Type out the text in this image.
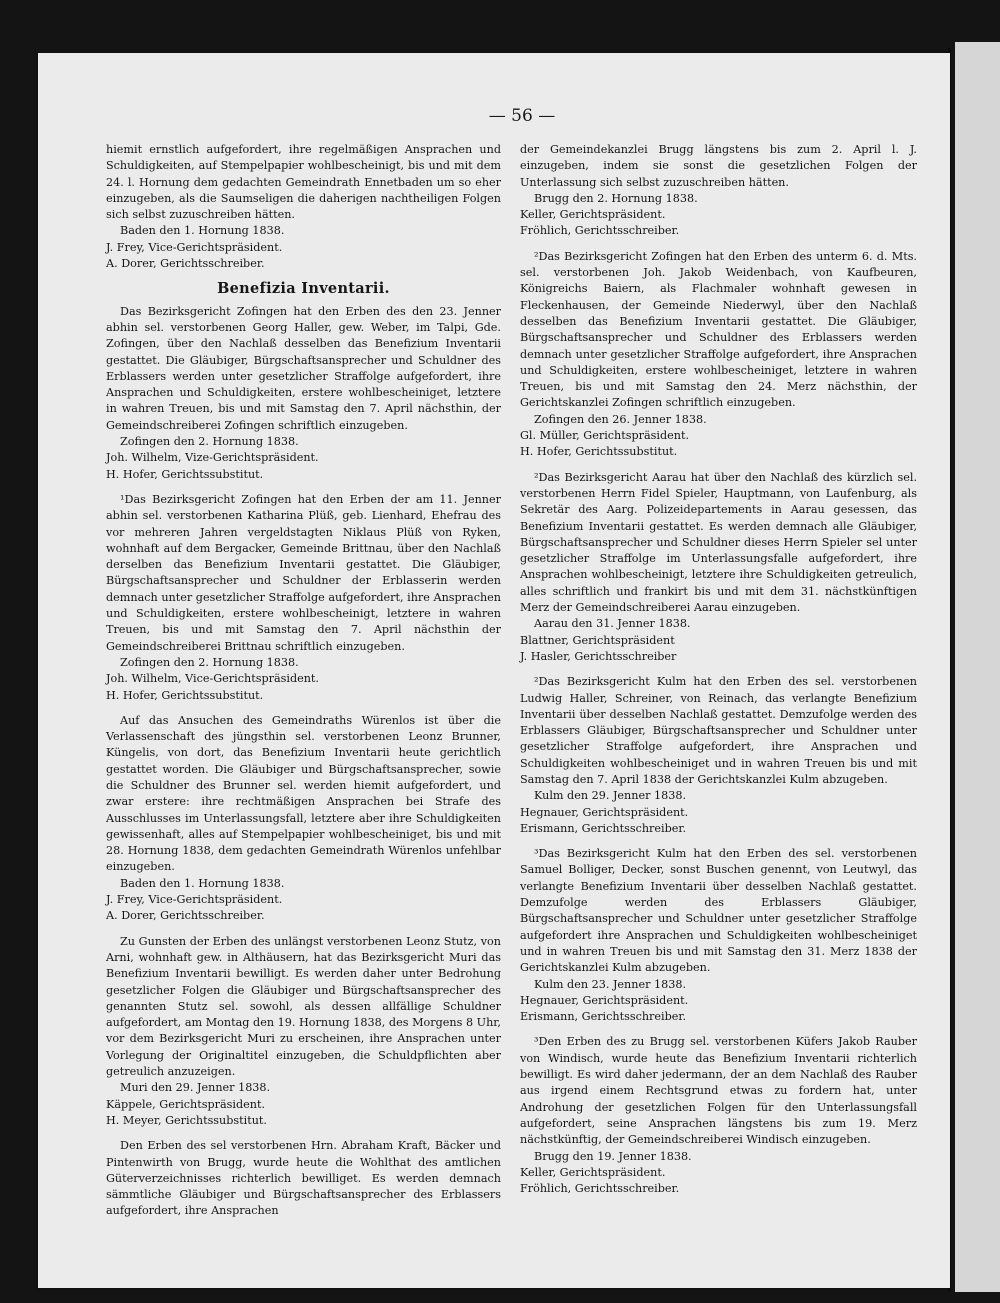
— 56 —

hiemit ernstlich aufgefordert, ihre regelmäßigen Ansprachen und Schuldigkeiten, auf Stempelpapier wohlbescheinigt, bis und mit dem 24. l. Hornung dem gedachten Gemeindrath Ennetbaden um so eher einzugeben, als die Saumseligen die daherigen nachtheiligen Folgen sich selbst zuzuschreiben hätten.

Baden den 1. Hornung 1838.

J. Frey, Vice-Gerichtspräsident.

A. Dorer, Gerichtsschreiber.

Benefizia Inventarii.

Das Bezirksgericht Zofingen hat den Erben des den 23. Jenner abhin sel. verstorbenen Georg Haller, gew. Weber, im Talpi, Gde. Zofingen, über den Nachlaß desselben das Benefizium Inventarii gestattet. Die Gläubiger, Bürgschaftsansprecher und Schuldner des Erblassers werden unter gesetzlicher Straffolge aufgefordert, ihre Ansprachen und Schuldigkeiten, erstere wohlbescheiniget, letztere in wahren Treuen, bis und mit Samstag den 7. April nächsthin, der Gemeindschreiberei Zofingen schriftlich einzugeben.

Zofingen den 2. Hornung 1838.

Joh. Wilhelm, Vize-Gerichtspräsident.

H. Hofer, Gerichtssubstitut.

¹Das Bezirksgericht Zofingen hat den Erben der am 11. Jenner abhin sel. verstorbenen Katharina Plüß, geb. Lienhard, Ehefrau des vor mehreren Jahren vergeldstagten Niklaus Plüß von Ryken, wohnhaft auf dem Bergacker, Gemeinde Brittnau, über den Nachlaß derselben das Benefizium Inventarii gestattet. Die Gläubiger, Bürgschaftsansprecher und Schuldner der Erblasserin werden demnach unter gesetzlicher Straffolge aufgefordert, ihre Ansprachen und Schuldigkeiten, erstere wohlbescheinigt, letztere in wahren Treuen, bis und mit Samstag den 7. April nächsthin der Gemeindschreiberei Brittnau schriftlich einzugeben.

Zofingen den 2. Hornung 1838.

Joh. Wilhelm, Vice-Gerichtspräsident.

H. Hofer, Gerichtssubstitut.

Auf das Ansuchen des Gemeindraths Würenlos ist über die Verlassenschaft des jüngsthin sel. verstorbenen Leonz Brunner, Küngelis, von dort, das Benefizium Inventarii heute gerichtlich gestattet worden. Die Gläubiger und Bürgschaftsansprecher, sowie die Schuldner des Brunner sel. werden hiemit aufgefordert, und zwar erstere: ihre rechtmäßigen Ansprachen bei Strafe des Ausschlusses im Unterlassungsfall, letztere aber ihre Schuldigkeiten gewissenhaft, alles auf Stempelpapier wohlbescheiniget, bis und mit 28. Hornung 1838, dem gedachten Gemeindrath Würenlos unfehlbar einzugeben.

Baden den 1. Hornung 1838.

J. Frey, Vice-Gerichtspräsident.

A. Dorer, Gerichtsschreiber.

Zu Gunsten der Erben des unlängst verstorbenen Leonz Stutz, von Arni, wohnhaft gew. in Althäusern, hat das Bezirksgericht Muri das Benefizium Inventarii bewilligt. Es werden daher unter Bedrohung gesetzlicher Folgen die Gläubiger und Bürgschaftsansprecher des genannten Stutz sel. sowohl, als dessen allfällige Schuldner aufgefordert, am Montag den 19. Hornung 1838, des Morgens 8 Uhr, vor dem Bezirksgericht Muri zu erscheinen, ihre Ansprachen unter Vorlegung der Originaltitel einzugeben, die Schuldpflichten aber getreulich anzuzeigen.

Muri den 29. Jenner 1838.

Käppele, Gerichtspräsident.

H. Meyer, Gerichtssubstitut.

Den Erben des sel verstorbenen Hrn. Abraham Kraft, Bäcker und Pintenwirth von Brugg, wurde heute die Wohlthat des amtlichen Güterverzeichnisses richterlich bewilliget. Es werden demnach sämmtliche Gläubiger und Bürgschaftsansprecher des Erblassers aufgefordert, ihre Ansprachen

der Gemeindekanzlei Brugg längstens bis zum 2. April l. J. einzugeben, indem sie sonst die gesetzlichen Folgen der Unterlassung sich selbst zuzuschreiben hätten.

Brugg den 2. Hornung 1838.

Keller, Gerichtspräsident.

Fröhlich, Gerichtsschreiber.

²Das Bezirksgericht Zofingen hat den Erben des unterm 6. d. Mts. sel. verstorbenen Joh. Jakob Weidenbach, von Kaufbeuren, Königreichs Baiern, als Flachmaler wohnhaft gewesen in Fleckenhausen, der Gemeinde Niederwyl, über den Nachlaß desselben das Benefizium Inventarii gestattet. Die Gläubiger, Bürgschaftsansprecher und Schuldner des Erblassers werden demnach unter gesetzlicher Straffolge aufgefordert, ihre Ansprachen und Schuldigkeiten, erstere wohlbescheiniget, letztere in wahren Treuen, bis und mit Samstag den 24. Merz nächsthin, der Gerichtskanzlei Zofingen schriftlich einzugeben.

Zofingen den 26. Jenner 1838.

Gl. Müller, Gerichtspräsident.

H. Hofer, Gerichtssubstitut.

²Das Bezirksgericht Aarau hat über den Nachlaß des kürzlich sel. verstorbenen Herrn Fidel Spieler, Hauptmann, von Laufenburg, als Sekretär des Aarg. Polizeidepartements in Aarau gesessen, das Benefizium Inventarii gestattet. Es werden demnach alle Gläubiger, Bürgschaftsansprecher und Schuldner dieses Herrn Spieler sel unter gesetzlicher Straffolge im Unterlassungsfalle aufgefordert, ihre Ansprachen wohlbescheinigt, letztere ihre Schuldigkeiten getreulich, alles schriftlich und frankirt bis und mit dem 31. nächstkünftigen Merz der Gemeindschreiberei Aarau einzugeben.

Aarau den 31. Jenner 1838.

Blattner, Gerichtspräsident

J. Hasler, Gerichtsschreiber

²Das Bezirksgericht Kulm hat den Erben des sel. verstorbenen Ludwig Haller, Schreiner, von Reinach, das verlangte Benefizium Inventarii über desselben Nachlaß gestattet. Demzufolge werden des Erblassers Gläubiger, Bürgschaftsansprecher und Schuldner unter gesetzlicher Straffolge aufgefordert, ihre Ansprachen und Schuldigkeiten wohlbescheiniget und in wahren Treuen bis und mit Samstag den 7. April 1838 der Gerichtskanzlei Kulm abzugeben.

Kulm den 29. Jenner 1838.

Hegnauer, Gerichtspräsident.

Erismann, Gerichtsschreiber.

³Das Bezirksgericht Kulm hat den Erben des sel. verstorbenen Samuel Bolliger, Decker, sonst Buschen genennt, von Leutwyl, das verlangte Benefizium Inventarii über desselben Nachlaß gestattet. Demzufolge werden des Erblassers Gläubiger, Bürgschaftsansprecher und Schuldner unter gesetzlicher Straffolge aufgefordert ihre Ansprachen und Schuldigkeiten wohlbescheiniget und in wahren Treuen bis und mit Samstag den 31. Merz 1838 der Gerichtskanzlei Kulm abzugeben.

Kulm den 23. Jenner 1838.

Hegnauer, Gerichtspräsident.

Erismann, Gerichtsschreiber.

³Den Erben des zu Brugg sel. verstorbenen Küfers Jakob Rauber von Windisch, wurde heute das Benefizium Inventarii richterlich bewilligt. Es wird daher jedermann, der an dem Nachlaß des Rauber aus irgend einem Rechtsgrund etwas zu fordern hat, unter Androhung der gesetzlichen Folgen für den Unterlassungsfall aufgefordert, seine Ansprachen längstens bis zum 19. Merz nächstkünftig, der Gemeindschreiberei Windisch einzugeben.

Brugg den 19. Jenner 1838.

Keller, Gerichtspräsident.

Fröhlich, Gerichtsschreiber.
